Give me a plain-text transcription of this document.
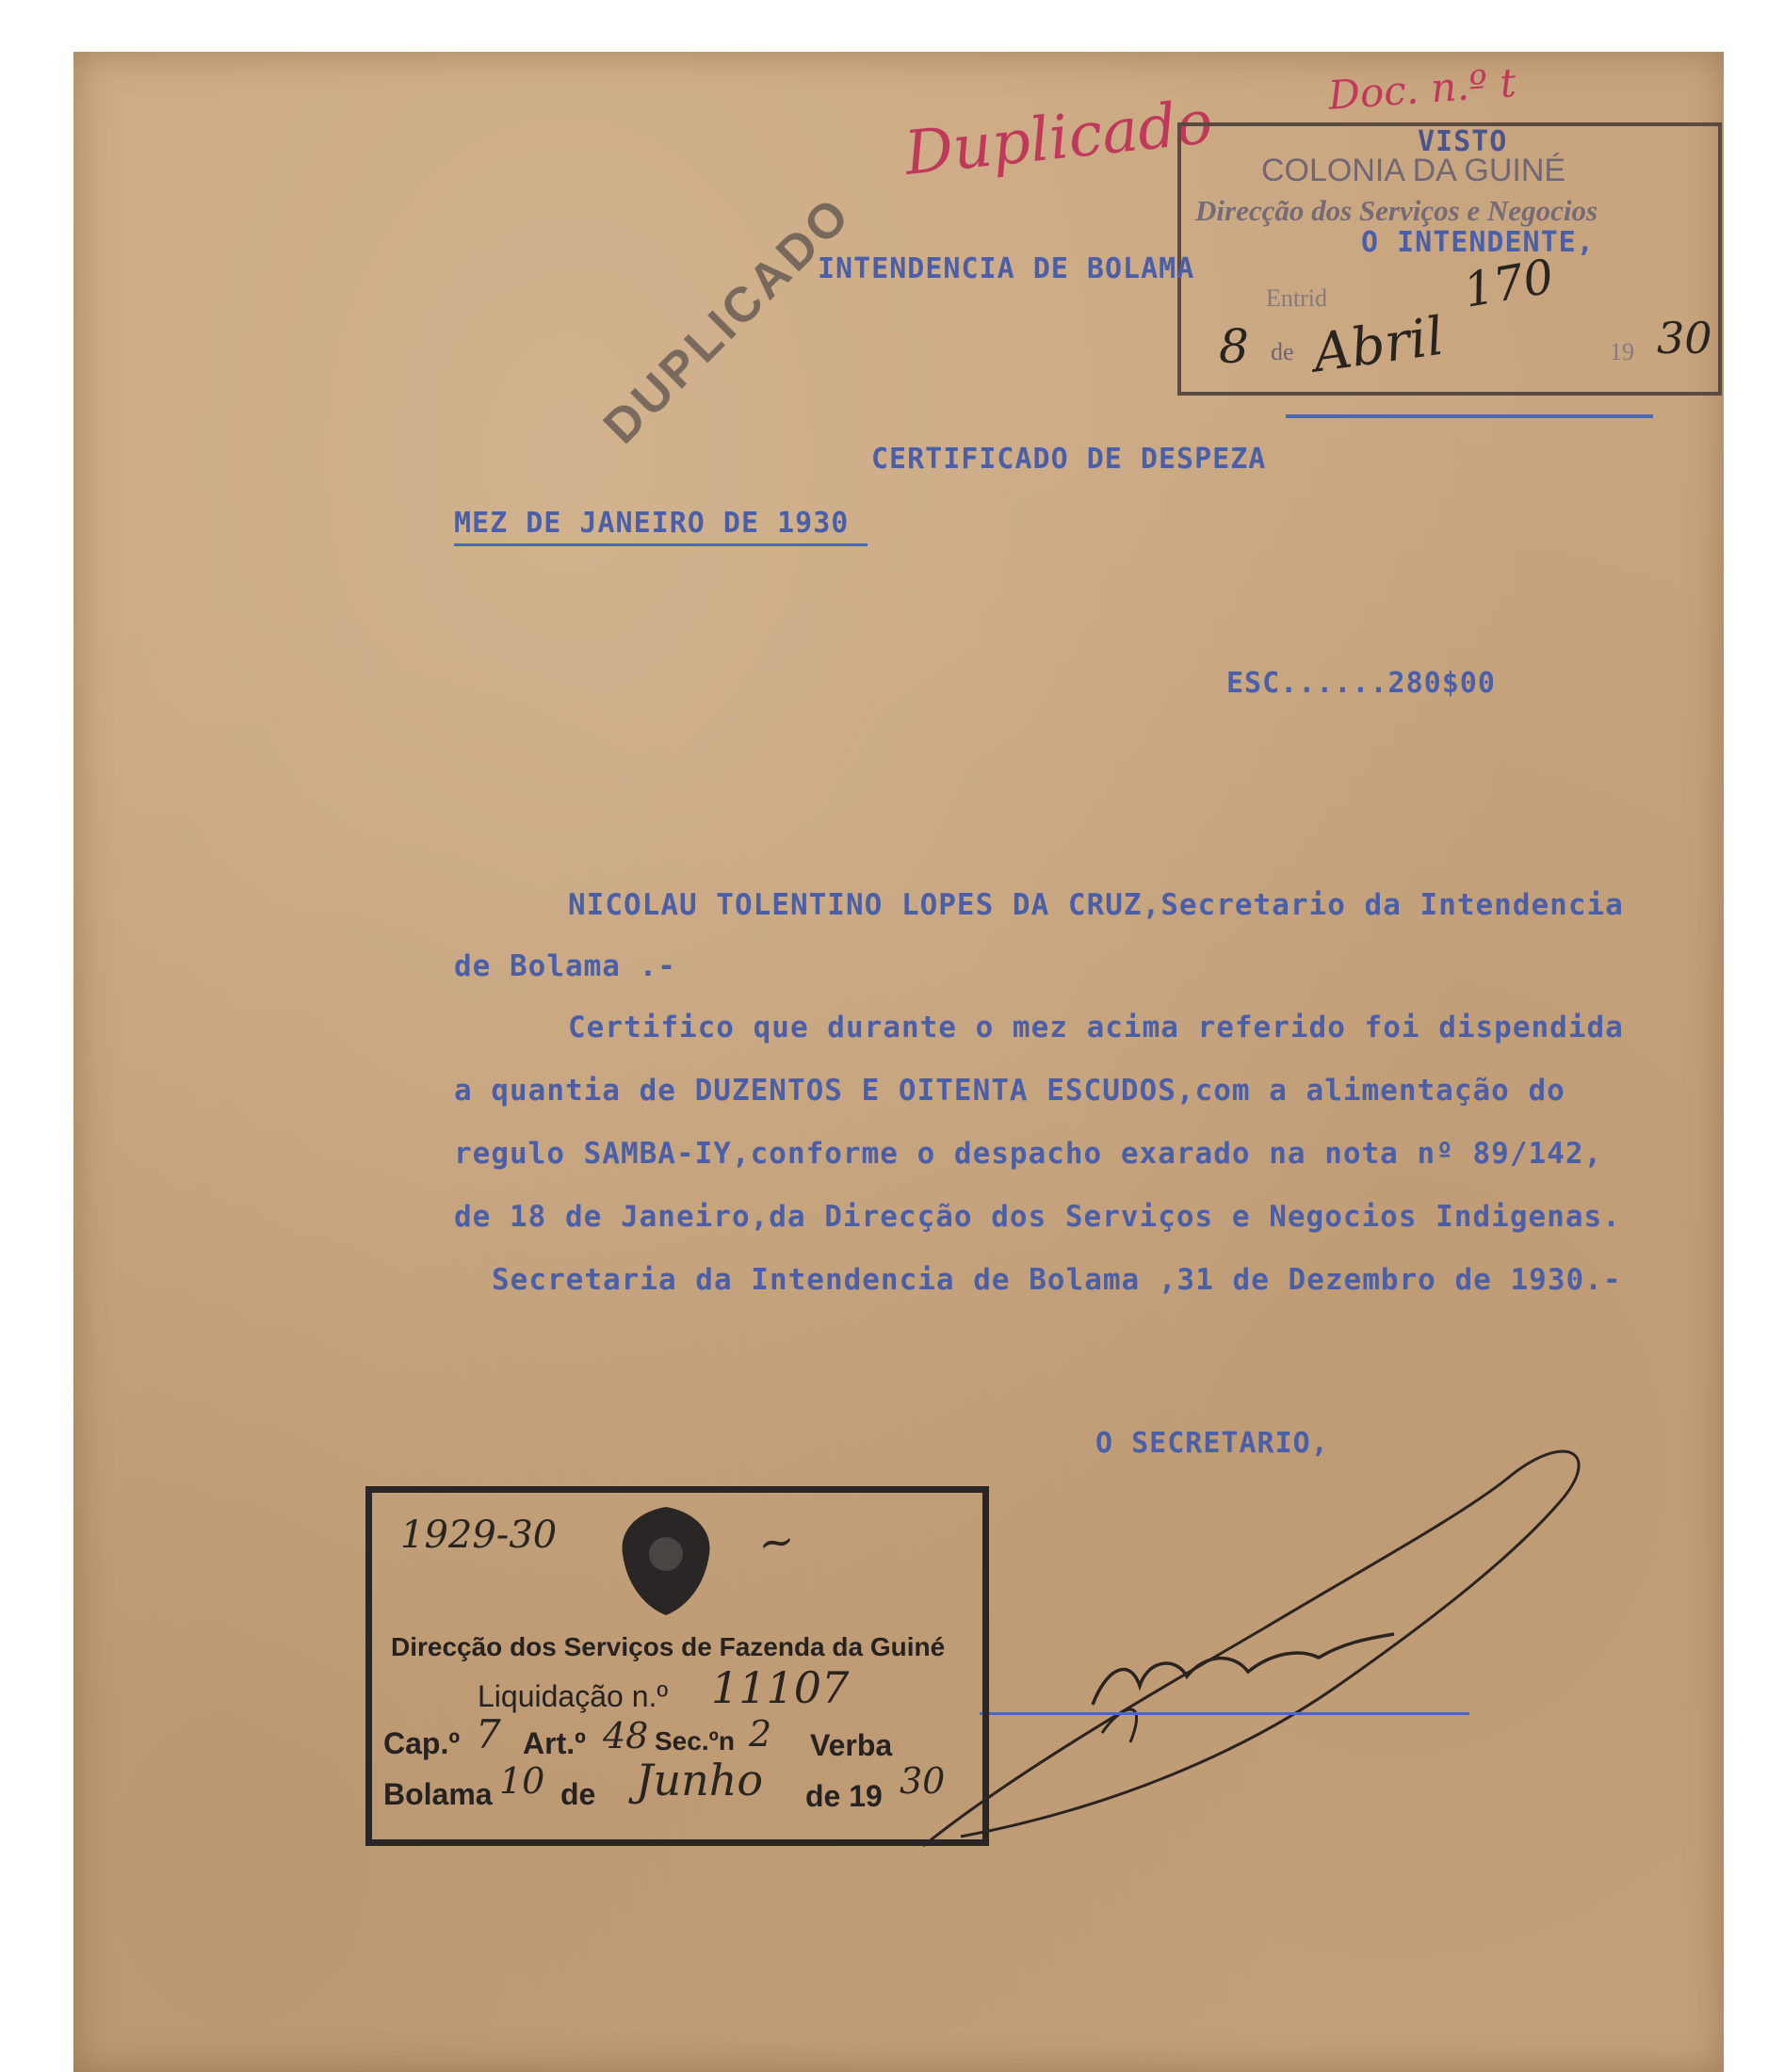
Duplicado	Doc. n.º t
DUPLICADO
COLONIA DA GUINÉ
Direcção dos Serviços e Negocios
Entrid	170
8 de Abril	19 30
VISTO
O INTENDENTE,
INTENDENCIA DE BOLAMA
CERTIFICADO DE DESPEZA
MEZ DE JANEIRO DE 1930
ESC......280$00
NICOLAU TOLENTINO LOPES DA CRUZ,Secretario da Intendencia
de Bolama .-
Certifico que durante o mez acima referido foi dispendida
a quantia de DUZENTOS E OITENTA ESCUDOS,com a alimentação do
regulo SAMBA-IY,conforme o despacho exarado na nota nº 89/142,
de 18 de Janeiro,da Direcção dos Serviços e Negocios Indigenas.
Secretaria da Intendencia de Bolama ,31 de Dezembro de 1930.-
O SECRETARIO,
1929-30	~
Direcção dos Serviços de Fazenda da Guiné
Liquidação n.º 11107
Cap.º 7 Art.º 48 Sec.ºn 2 Verba
Bolama 10 de Junho de 19 30
